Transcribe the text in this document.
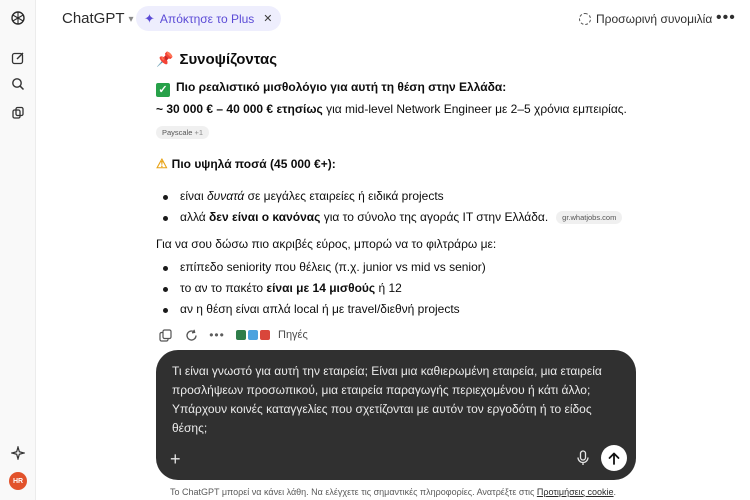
HR
ChatGPT ▾ ✦ Απόκτησε το Plus ✕	Προσωρινή συνομιλία •••
📌 Συνοψίζοντας
✓ Πιο ρεαλιστικό μισθολόγιο για αυτή τη θέση στην Ελλάδα:
~ 30 000 € – 40 000 € ετησίως για mid-level Network Engineer με 2–5 χρόνια εμπειρίας.
Payscale +1
⚠ Πιο υψηλά ποσά (45 000 €+):
είναι δυνατά σε μεγάλες εταιρείες ή ειδικά projects
αλλά δεν είναι ο κανόνας για το σύνολο της αγοράς IT στην Ελλάδα. gr.whatjobs.com
Για να σου δώσω πιο ακριβές εύρος, μπορώ να το φιλτράρω με:
επίπεδο seniority που θέλεις (π.χ. junior vs mid vs senior)
το αν το πακέτο είναι με 14 μισθούς ή 12
αν η θέση είναι απλά local ή με travel/διεθνή projects
•••	Πηγές
Τι είναι γνωστό για αυτή την εταιρεία; Είναι μια καθιερωμένη εταιρεία, μια εταιρεία προσλήψεων προσωπικού, μια εταιρεία παραγωγής περιεχομένου ή κάτι άλλο; Υπάρχουν κοινές καταγγελίες που σχετίζονται με αυτόν τον εργοδότη ή το είδος θέσης;
+
Το ChatGPT μπορεί να κάνει λάθη. Να ελέγχετε τις σημαντικές πληροφορίες. Ανατρέξτε στις Προτιμήσεις cookie.
